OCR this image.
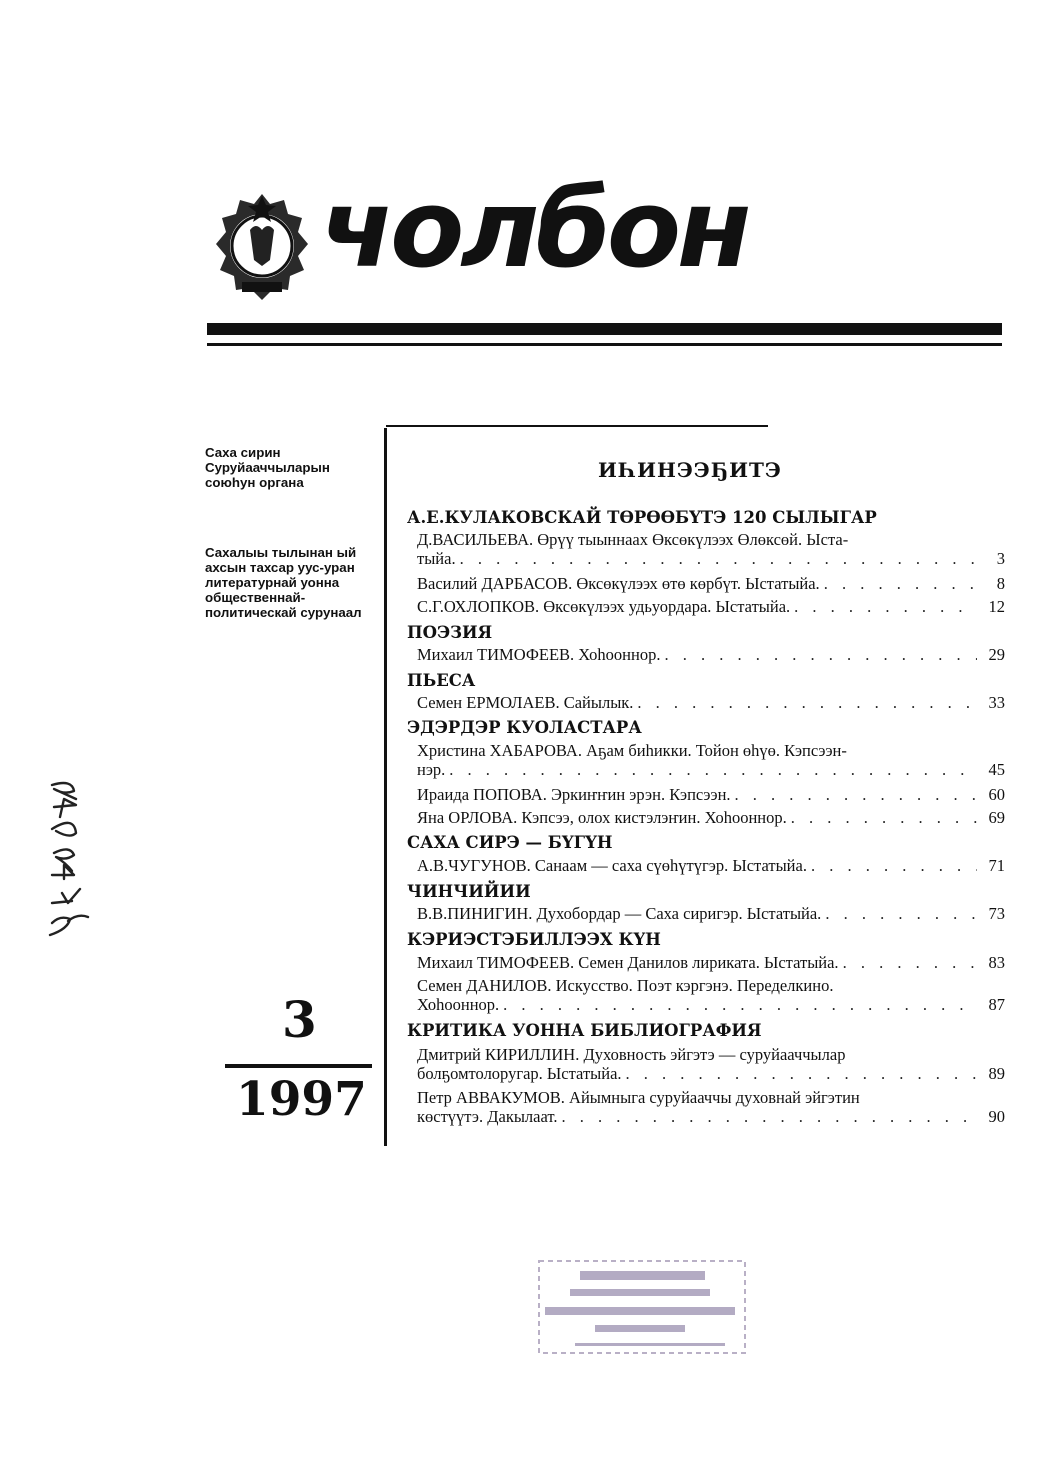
чолбон
Саха сирин Суруйааччыларын союhун органа
Сахалыы тылынан ый ахсын тахсар уус-уран литературнай уонна общественнай-политическай сурунаал
3
1997
ИҺИНЭЭҔИТЭ
А.Е.КУЛАКОВСКАЙ ТӨРӨӨБҮТЭ 120 СЫЛЫГАР
Д.ВАСИЛЬЕВА. Өрүү тыыннаах Өксөкүлээх Өлөксөй. Ыста-
тыйа. . . .	3
Василий ДАРБАСОВ. Өксөкүлээх өтө көрбүт. Ыстатыйа. . . .	8
С.Г.ОХЛОПКОВ. Өксөкүлээх удьуордара. Ыстатыйа. . . .	12
ПОЭЗИЯ
Михаил ТИМОФЕЕВ. Хоhооннор. . . .	29
ПЬЕСА
Семен ЕРМОЛАЕВ. Сайылык. . . .	33
ЭДЭРДЭР КУОЛАСТАРА
Христина ХАБАРОВА. Аҕам биhикки. Тойон өһүө. Кэпсээн-
нэр. . . .	45
Ираида ПОПОВА. Эркиҥҥин эрэн. Кэпсээн. . . .	60
Яна ОРЛОВА. Кэпсээ, олох кистэлэҥин. Хоhооннор. . . .	69
САХА СИРЭ — БҮГҮН
А.В.ЧУГУНОВ. Санаам — саха сүөhүтүгэр. Ыстатыйа. . . .	71
ЧИНЧИЙИИ
В.В.ПИНИГИН. Духобордар — Саха сиригэр. Ыстатыйа. . . .	73
КЭРИЭСТЭБИЛЛЭЭХ КҮН
Михаил ТИМОФЕЕВ. Семен Данилов лириката. Ыстатыйа. . . .	83
Семен ДАНИЛОВ. Искусство. Поэт кэргэнэ. Переделкино.
Хоhооннор. . . .	87
КРИТИКА УОННА БИБЛИОГРАФИЯ
Дмитрий КИРИЛЛИН. Духовность эйгэтэ — суруйааччылар
болҕомтолоругар. Ыстатыйа. . . .	89
Петр АВВАКУМОВ. Айымныга суруйааччы духовнай эйгэтин
көстүүтэ. Дакылаат. . . .	90
